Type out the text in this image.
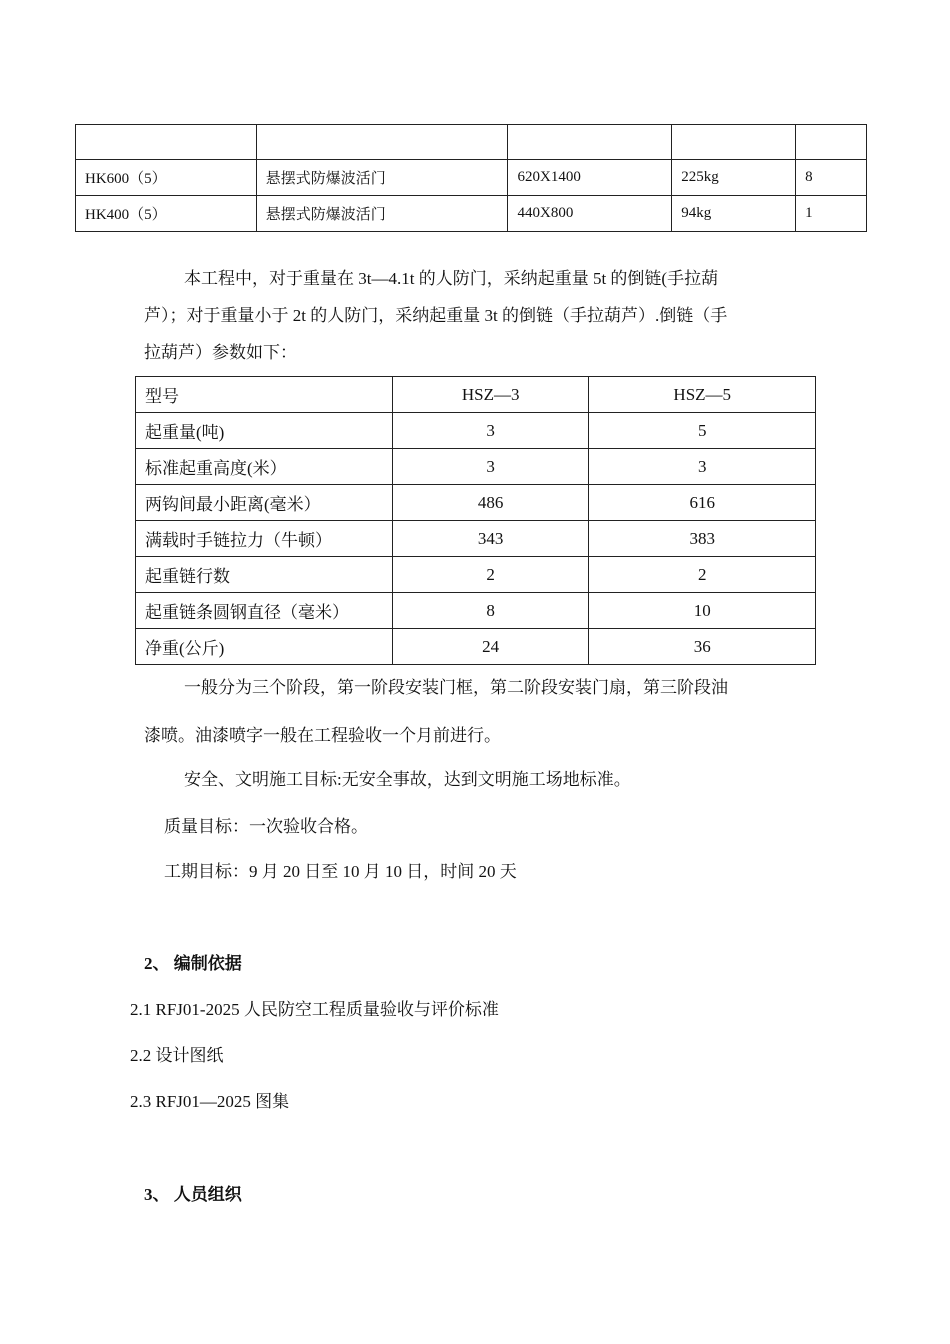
HK600（5）	悬摆式防爆波活门	620X1400	225kg	8
HK400（5）	悬摆式防爆波活门	440X800	94kg	1
本工程中，对于重量在 3t—4.1t 的人防门，采纳起重量 5t 的倒链(手拉葫
芦）；对于重量小于 2t 的人防门，采纳起重量 3t 的倒链（手拉葫芦）.倒链（手
拉葫芦）参数如下：
型号	HSZ—3	HSZ—5
起重量(吨)	3	5
标准起重高度(米）	3	3
两钩间最小距离(毫米）	486	616
满载时手链拉力（牛顿）	343	383
起重链行数	2	2
起重链条圆钢直径（毫米）	8	10
净重(公斤)	24	36
一般分为三个阶段，第一阶段安装门框，第二阶段安装门扇，第三阶段油
漆喷。油漆喷字一般在工程验收一个月前进行。
安全、文明施工目标:无安全事故，达到文明施工场地标准。
质量目标：一次验收合格。
工期目标：9 月 20 日至 10 月 10 日，时间 20 天
2、 编制依据
2.1 RFJ01-2025 人民防空工程质量验收与评价标准
2.2 设计图纸
2.3 RFJ01—2025 图集
3、 人员组织
